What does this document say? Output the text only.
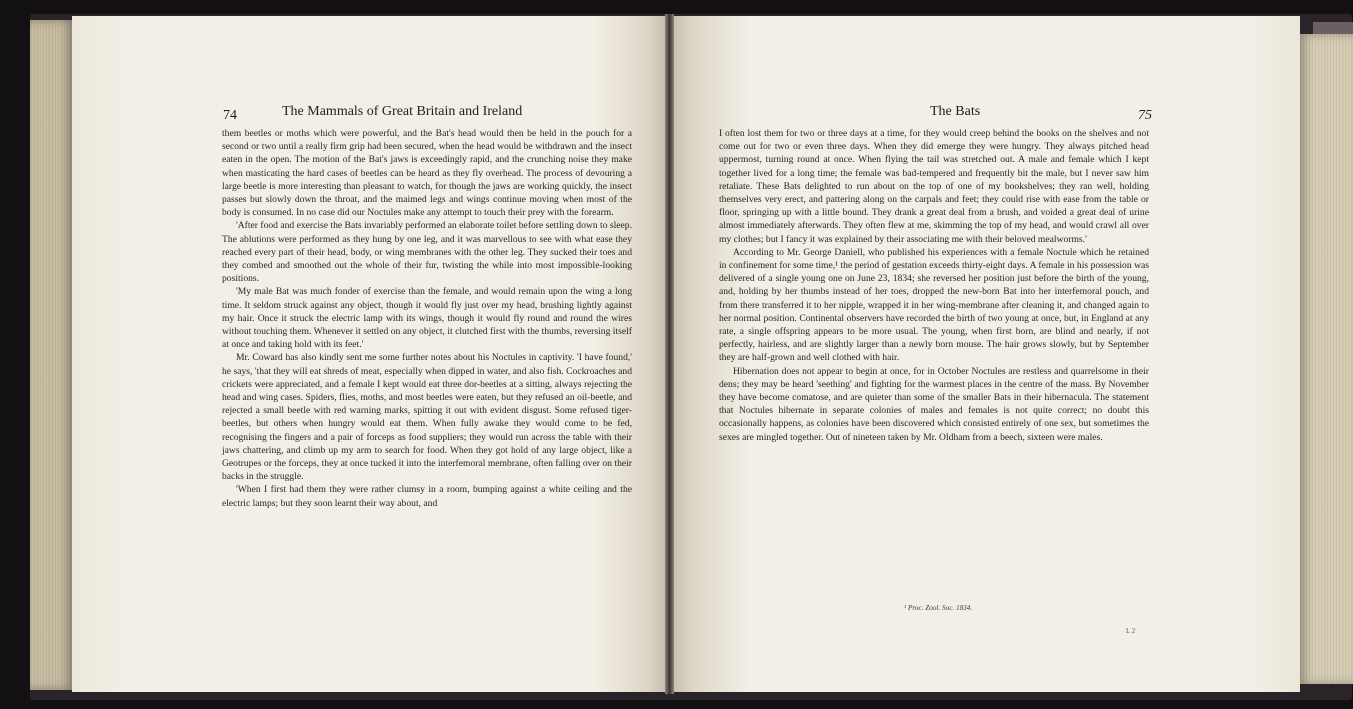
74	The Mammals of Great Britain and Ireland

them beetles or moths which were powerful, and the Bat's head would then be held in the pouch for a second or two until a really firm grip had been secured, when the head would be withdrawn and the insect eaten in the open. The motion of the Bat's jaws is exceedingly rapid, and the crunching noise they make when masticating the hard cases of beetles can be heard as they fly overhead. The process of devouring a large beetle is more interesting than pleasant to watch, for though the jaws are working quickly, the insect passes but slowly down the throat, and the maimed legs and wings continue moving when most of the body is consumed. In no case did our Noctules make any attempt to touch their prey with the forearm.

'After food and exercise the Bats invariably performed an elaborate toilet before settling down to sleep. The ablutions were performed as they hung by one leg, and it was marvellous to see with what ease they reached every part of their head, body, or wing membranes with the other leg. They sucked their toes and they combed and smoothed out the whole of their fur, twisting the while into most impossible-looking positions.

'My male Bat was much fonder of exercise than the female, and would remain upon the wing a long time. It seldom struck against any object, though it would fly just over my head, brushing lightly against my hair. Once it struck the electric lamp with its wings, though it would fly round and round the wires without touching them. Whenever it settled on any object, it clutched first with the thumbs, reversing itself at once and taking hold with its feet.'

Mr. Coward has also kindly sent me some further notes about his Noctules in captivity. 'I have found,' he says, 'that they will eat shreds of meat, especially when dipped in water, and also fish. Cockroaches and crickets were appreciated, and a female I kept would eat three dor-beetles at a sitting, always rejecting the head and wing cases. Spiders, flies, moths, and most beetles were eaten, but they refused an oil-beetle, and rejected a small beetle with red warning marks, spitting it out with evident disgust. Some refused tiger-beetles, but others when hungry would eat them. When fully awake they would come to be fed, recognising the fingers and a pair of forceps as food suppliers; they would run across the table with their jaws chattering, and climb up my arm to search for food. When they got hold of any large object, like a Geotrupes or the forceps, they at once tucked it into the interfemoral membrane, often falling over on their backs in the struggle.

'When I first had them they were rather clumsy in a room, bumping against a white ceiling and the electric lamps; but they soon learnt their way about, and

The Bats	75

I often lost them for two or three days at a time, for they would creep behind the books on the shelves and not come out for two or even three days. When they did emerge they were hungry. They always pitched head uppermost, turning round at once. When flying the tail was stretched out. A male and female which I kept together lived for a long time; the female was bad-tempered and frequently bit the male, but I never saw him retaliate. These Bats delighted to run about on the top of one of my bookshelves; they ran well, holding themselves very erect, and pattering along on the carpals and feet; they could rise with ease from the table or floor, springing up with a little bound. They drank a great deal from a brush, and voided a great deal of urine almost immediately afterwards. They often flew at me, skimming the top of my head, and would crawl all over my clothes; but I fancy it was explained by their associating me with their beloved mealworms.'

According to Mr. George Daniell, who published his experiences with a female Noctule which he retained in confinement for some time,¹ the period of gestation exceeds thirty-eight days. A female in his possession was delivered of a single young one on June 23, 1834; she reversed her position just before the birth of the young, and, holding by her thumbs instead of her toes, dropped the new-born Bat into her interfemoral pouch, and from there transferred it to her nipple, wrapped it in her wing-membrane after cleaning it, and changed again to her normal position. Continental observers have recorded the birth of two young at once, but, in England at any rate, a single offspring appears to be more usual. The young, when first born, are blind and nearly, if not perfectly, hairless, and are slightly larger than a newly born mouse. The hair grows slowly, but by September they are half-grown and well clothed with hair.

Hibernation does not appear to begin at once, for in October Noctules are restless and quarrelsome in their dens; they may be heard 'seething' and fighting for the warmest places in the centre of the mass. By November they have become comatose, and are quieter than some of the smaller Bats in their hibernacula. The statement that Noctules hibernate in separate colonies of males and females is not quite correct; no doubt this occasionally happens, as colonies have been discovered which consisted entirely of one sex, but sometimes the sexes are mingled together. Out of nineteen taken by Mr. Oldham from a beech, sixteen were males.

¹ Proc. Zool. Soc. 1834.
L 2
